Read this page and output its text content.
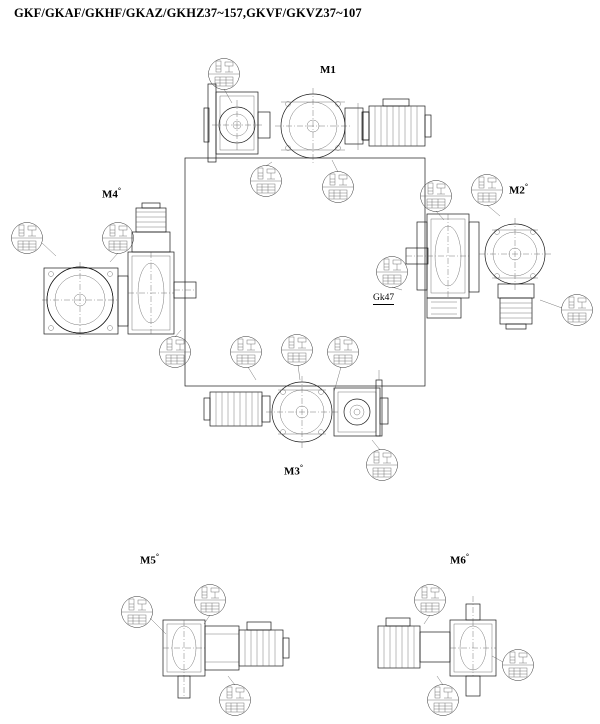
GKF/GKAF/GKHF/GKAZ/GKHZ37~157,GKVF/GKVZ37~107
M1
M2°
M3°
M4°
M5°	M6°
Gk47
